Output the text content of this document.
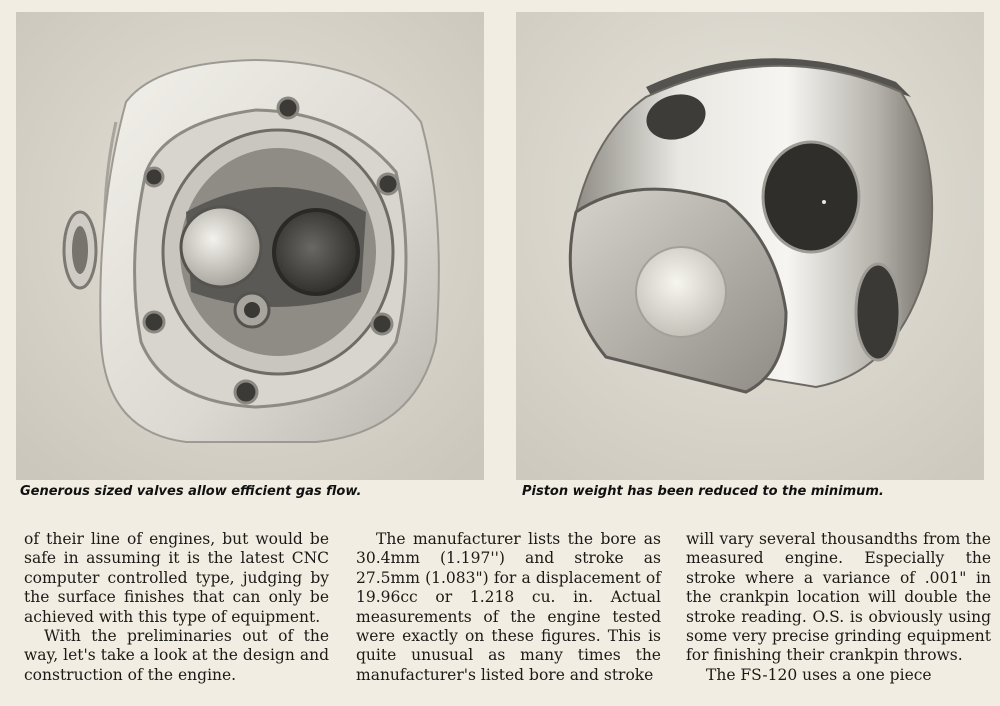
Generous sized valves allow efficient gas flow.	Piston weight has been reduced to the minimum.

of their line of engines, but would be safe in assuming it is the latest CNC computer controlled type, judging by the surface finishes that can only be achieved with this type of equipment.

With the preliminaries out of the way, let's take a look at the design and construction of the engine.

The manufacturer lists the bore as 30.4mm (1.197'') and stroke as 27.5mm (1.083") for a displacement of 19.96cc or 1.218 cu. in. Actual measurements of the engine tested were exactly on these figures. This is quite unusual as many times the manufacturer's listed bore and stroke

will vary several thousandths from the measured engine. Especially the stroke where a variance of .001" in the crankpin location will double the stroke reading. O.S. is obviously using some very precise grinding equipment for finishing their crankpin throws.

The FS-120 uses a one piece
